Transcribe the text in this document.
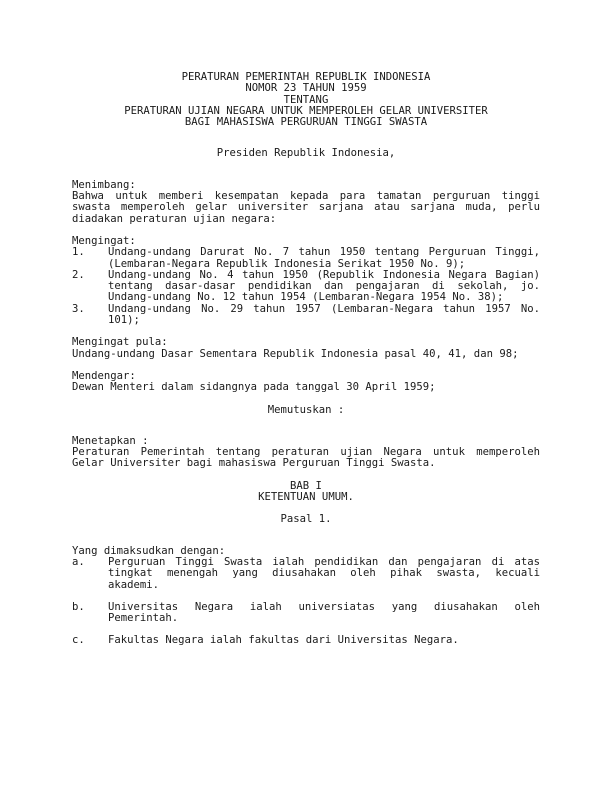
PERATURAN PEMERINTAH REPUBLIK INDONESIA
NOMOR 23 TAHUN 1959
TENTANG
PERATURAN UJIAN NEGARA UNTUK MEMPEROLEH GELAR UNIVERSITER
BAGI MAHASISWA PERGURUAN TINGGI SWASTA
Presiden Republik Indonesia,
Menimbang:
Bahwa untuk memberi kesempatan kepada para tamatan perguruan tinggi swasta memperoleh gelar universiter sarjana atau sarjana muda, perlu diadakan peraturan ujian negara:
Mengingat:
1.	Undang-undang Darurat No. 7 tahun 1950 tentang Perguruan Tinggi, (Lembaran-Negara Republik Indonesia Serikat 1950 No. 9);
2.	Undang-undang No. 4 tahun 1950 (Republik Indonesia Negara Bagian) tentang dasar-dasar pendidikan dan pengajaran di sekolah, jo. Undang-undang No. 12 tahun 1954 (Lembaran-Negara 1954 No. 38);
3.	Undang-undang No. 29 tahun 1957 (Lembaran-Negara tahun 1957 No. 101);
Mengingat pula:
Undang-undang Dasar Sementara Republik Indonesia pasal 40, 41, dan 98;
Mendengar:
Dewan Menteri dalam sidangnya pada tanggal 30 April 1959;
Memutuskan :
Menetapkan :
Peraturan Pemerintah tentang peraturan ujian Negara untuk memperoleh Gelar Universiter bagi mahasiswa Perguruan Tinggi Swasta.
BAB I
KETENTUAN UMUM.
Pasal 1.
Yang dimaksudkan dengan:
a.	Perguruan Tinggi Swasta ialah pendidikan dan pengajaran di atas tingkat menengah yang diusahakan oleh pihak swasta, kecuali akademi.
b.	Universitas Negara ialah universiatas yang diusahakan oleh Pemerintah.
c.	Fakultas Negara ialah fakultas dari Universitas Negara.
